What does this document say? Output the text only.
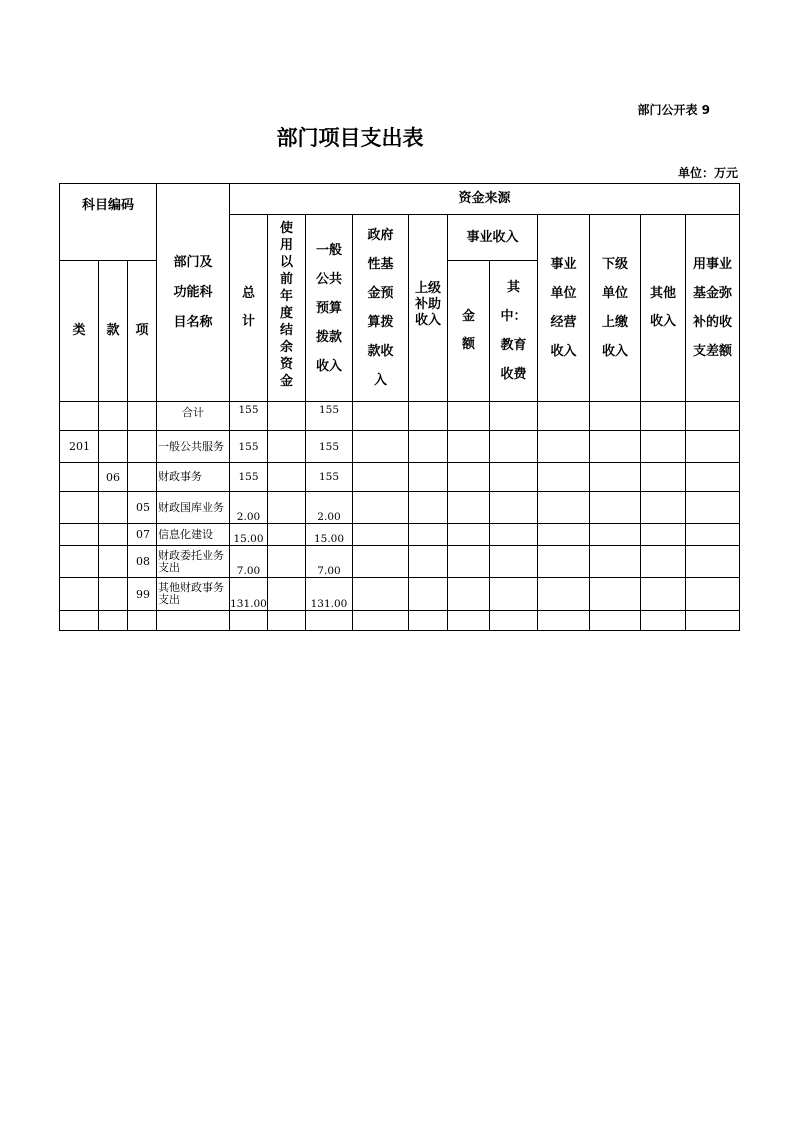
部门公开表 9
部门项目支出表
单位：万元
科目编码			部门及功能科目名称	资金来源										
				总计	使用以前年度结余资金	一般公共预算拨款收入	政府性基金预算拨款收入	上级补助收入	事业收入		事业单位经营收入	下级单位上缴收入	其他收入	用事业基金弥补的收支差额
类	款	项							金额	其中：教育收费				
			合计	155		155								
201			一般公共服务	155		155								
	06		财政事务	155		155								
		05	财政国库业务	2.00		2.00								
		07	信息化建设	15.00		15.00								
		08	财政委托业务支出	7.00		7.00								
		99	其他财政事务支出	131.00		131.00								
